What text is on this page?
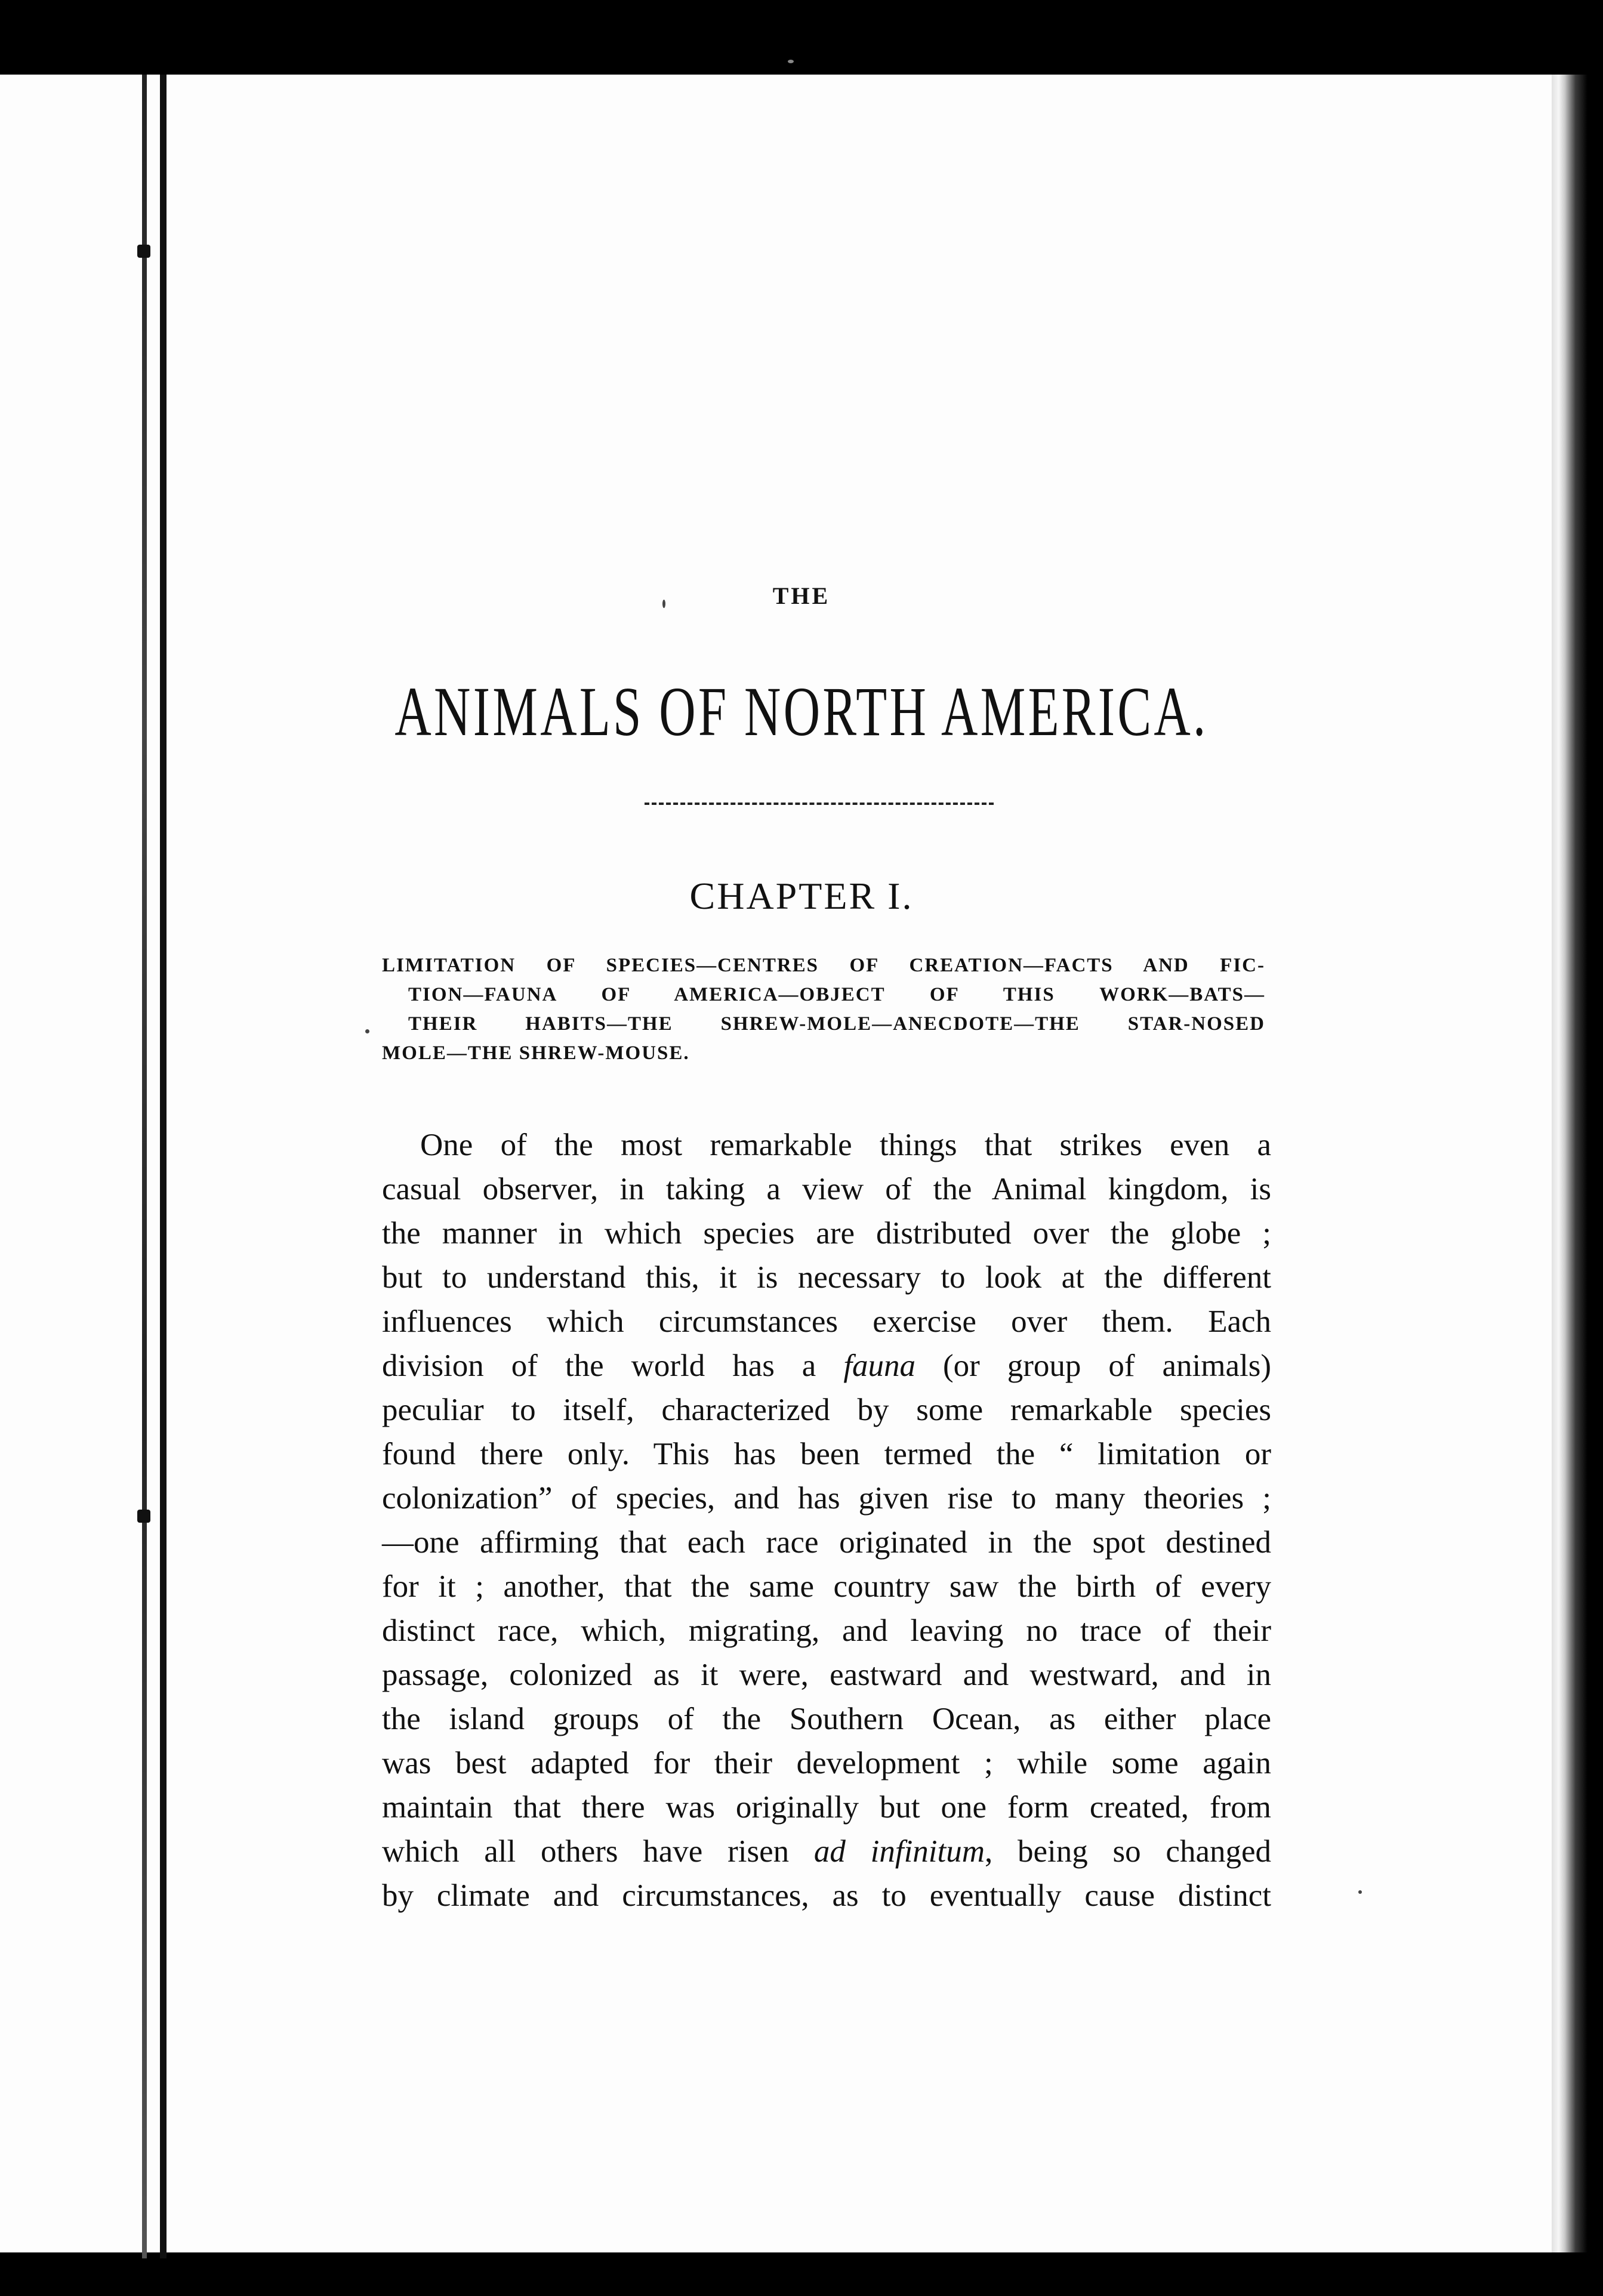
THE
ANIMALS OF NORTH AMERICA.
CHAPTER I.
LIMITATION OF SPECIES—CENTRES OF CREATION—FACTS AND FIC-
TION—FAUNA OF AMERICA—OBJECT OF THIS WORK—BATS—
THEIR HABITS—THE SHREW-MOLE—ANECDOTE—THE STAR-NOSED
MOLE—THE SHREW-MOUSE.
One of the most remarkable things that strikes even a
casual observer, in taking a view of the Animal kingdom, is
the manner in which species are distributed over the globe ;
but to understand this, it is necessary to look at the different
influences which circumstances exercise over them. Each
division of the world has a fauna (or group of animals)
peculiar to itself, characterized by some remarkable species
found there only. This has been termed the “ limitation or
colonization” of species, and has given rise to many theories ;
—one affirming that each race originated in the spot destined
for it ; another, that the same country saw the birth of every
distinct race, which, migrating, and leaving no trace of their
passage, colonized as it were, eastward and westward, and in
the island groups of the Southern Ocean, as either place
was best adapted for their development ; while some again
maintain that there was originally but one form created, from
which all others have risen ad infinitum, being so changed
by climate and circumstances, as to eventually cause distinct
